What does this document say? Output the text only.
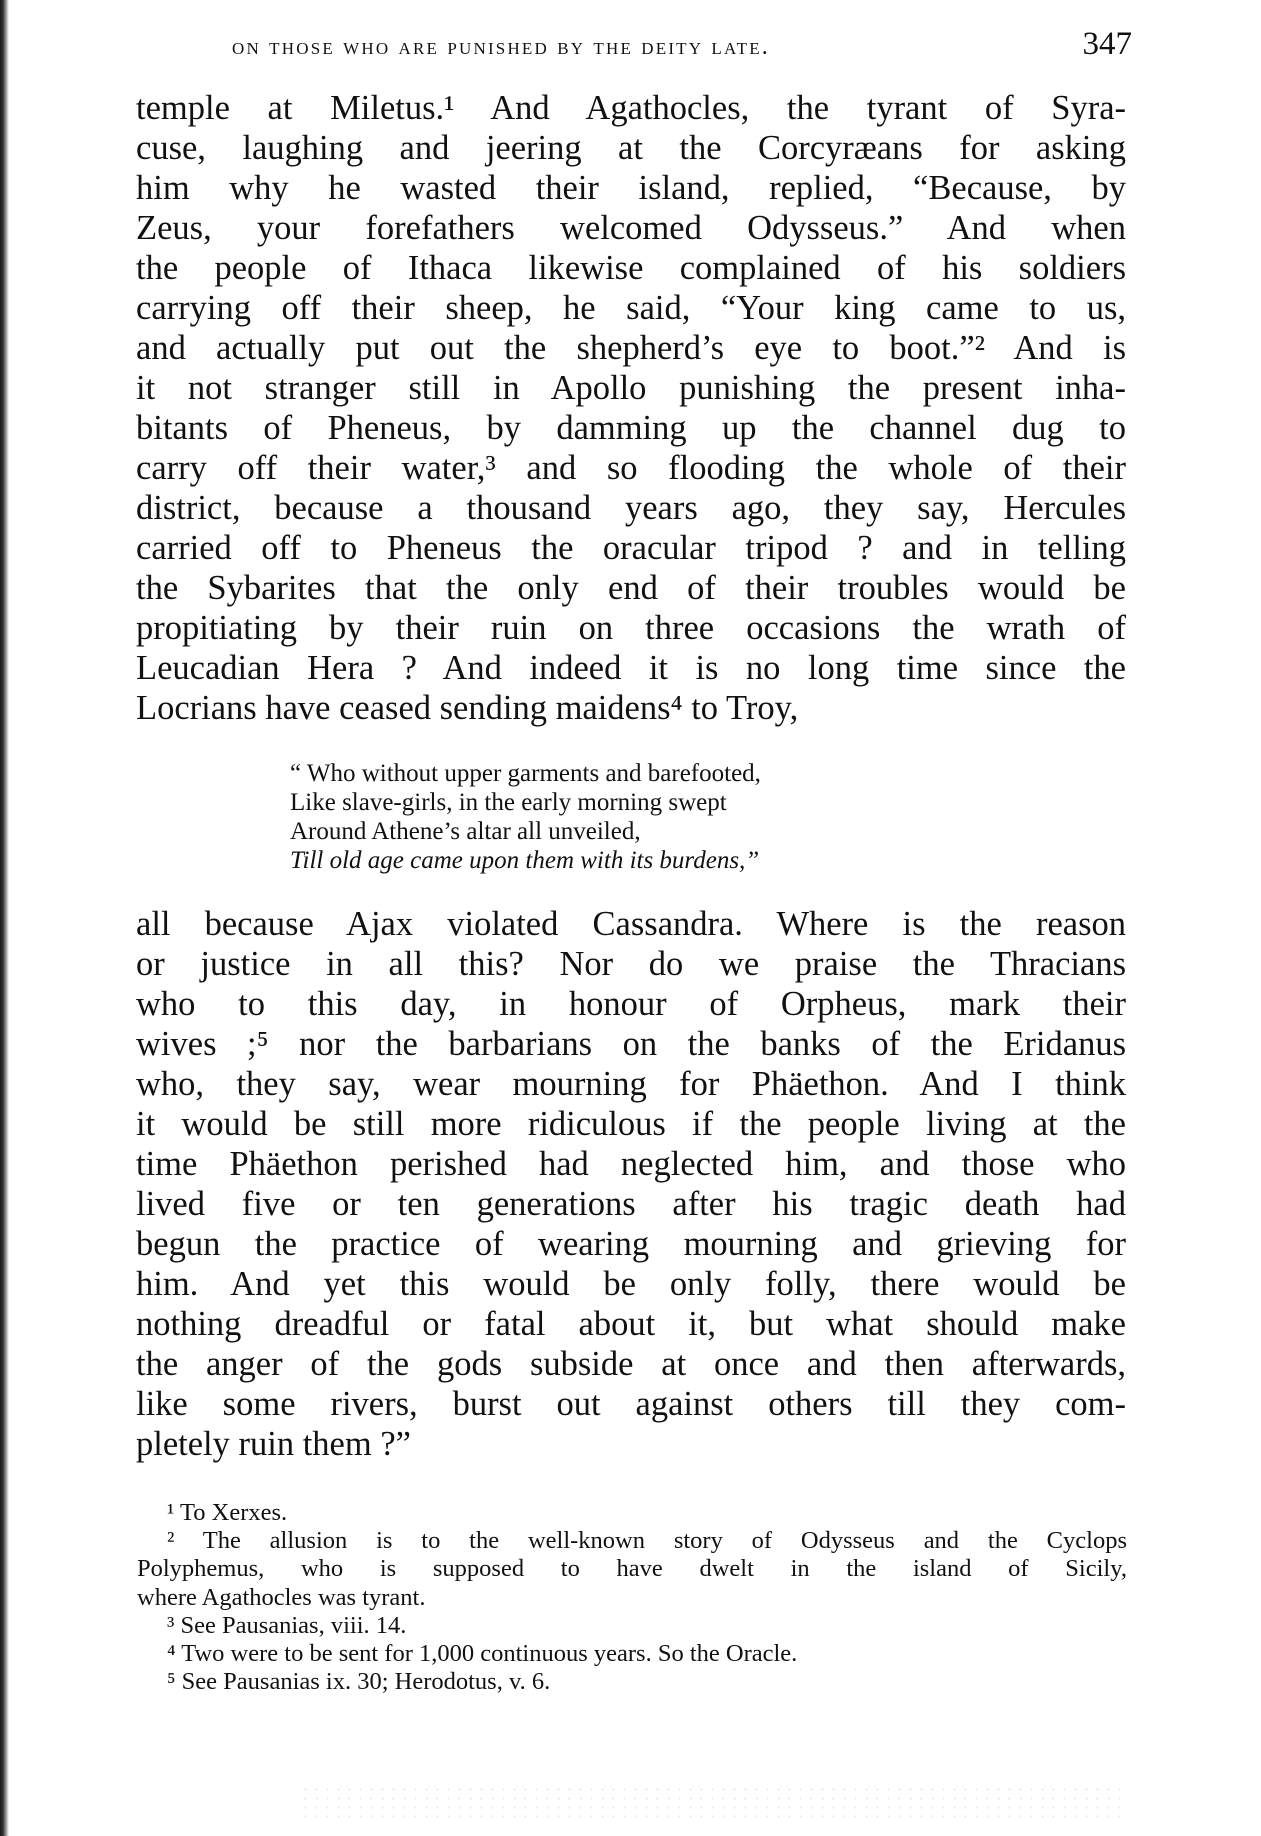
on those who are punished by the deity late.	347
temple at Miletus.¹ And Agathocles, the tyrant of Syra-
cuse, laughing and jeering at the Corcyræans for asking
him why he wasted their island, replied, “Because, by
Zeus, your forefathers welcomed Odysseus.” And when
the people of Ithaca likewise complained of his soldiers
carrying off their sheep, he said, “Your king came to us,
and actually put out the shepherd’s eye to boot.”² And is
it not stranger still in Apollo punishing the present inha-
bitants of Pheneus, by damming up the channel dug to
carry off their water,³ and so flooding the whole of their
district, because a thousand years ago, they say, Hercules
carried off to Pheneus the oracular tripod ? and in telling
the Sybarites that the only end of their troubles would be
propitiating by their ruin on three occasions the wrath of
Leucadian Hera ? And indeed it is no long time since the
Locrians have ceased sending maidens⁴ to Troy,
“ Who without upper garments and barefooted,
Like slave-girls, in the early morning swept
Around Athene’s altar all unveiled,
Till old age came upon them with its burdens,”
all because Ajax violated Cassandra. Where is the reason
or justice in all this? Nor do we praise the Thracians
who to this day, in honour of Orpheus, mark their
wives ;⁵ nor the barbarians on the banks of the Eridanus
who, they say, wear mourning for Phäethon. And I think
it would be still more ridiculous if the people living at the
time Phäethon perished had neglected him, and those who
lived five or ten generations after his tragic death had
begun the practice of wearing mourning and grieving for
him. And yet this would be only folly, there would be
nothing dreadful or fatal about it, but what should make
the anger of the gods subside at once and then afterwards,
like some rivers, burst out against others till they com-
pletely ruin them ?”
¹ To Xerxes.
² The allusion is to the well-known story of Odysseus and the Cyclops
Polyphemus, who is supposed to have dwelt in the island of Sicily,
where Agathocles was tyrant.
³ See Pausanias, viii. 14.
⁴ Two were to be sent for 1,000 continuous years. So the Oracle.
⁵ See Pausanias ix. 30; Herodotus, v. 6.
